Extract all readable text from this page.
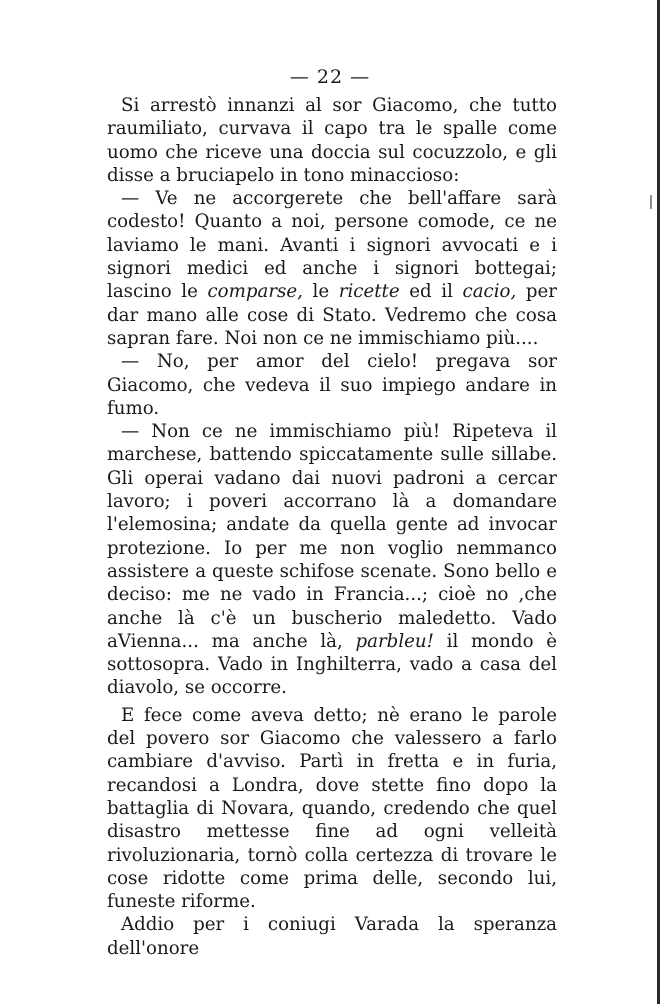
— 22 —

Si arrestò innanzi al sor Giacomo, che tutto raumiliato, curvava il capo tra le spalle come uomo che riceve una doccia sul cocuzzolo, e gli disse a bruciapelo in tono minaccioso:

— Ve ne accorgerete che bell'affare sarà codesto! Quanto a noi, persone comode, ce ne laviamo le mani. Avanti i signori avvocati e i signori medici ed anche i signori bottegai; lascino le comparse, le ricette ed il cacio, per dar mano alle cose di Stato. Vedremo che cosa sapran fare. Noi non ce ne immischiamo più....

— No, per amor del cielo! pregava sor Giacomo, che vedeva il suo impiego andare in fumo.

— Non ce ne immischiamo più! Ripeteva il marchese, battendo spiccatamente sulle sillabe. Gli operai vadano dai nuovi padroni a cercar lavoro; i poveri accorrano là a domandare l'elemosina; andate da quella gente ad invocar protezione. Io per me non voglio nemmanco assistere a queste schifose scenate. Sono bello e deciso: me ne vado in Francia...; cioè no ,che anche là c'è un buscherio maledetto. Vado aVienna... ma anche là, parbleu! il mondo è sottosopra. Vado in Inghilterra, vado a casa del diavolo, se occorre.

E fece come aveva detto; nè erano le parole del povero sor Giacomo che valessero a farlo cambiare d'avviso. Partì in fretta e in furia, recandosi a Londra, dove stette fino dopo la battaglia di Novara, quando, credendo che quel disastro mettesse fine ad ogni velleità rivoluzionaria, tornò colla certezza di trovare le cose ridotte come prima delle, secondo lui, funeste riforme.

Addio per i coniugi Varada la speranza dell'onore
